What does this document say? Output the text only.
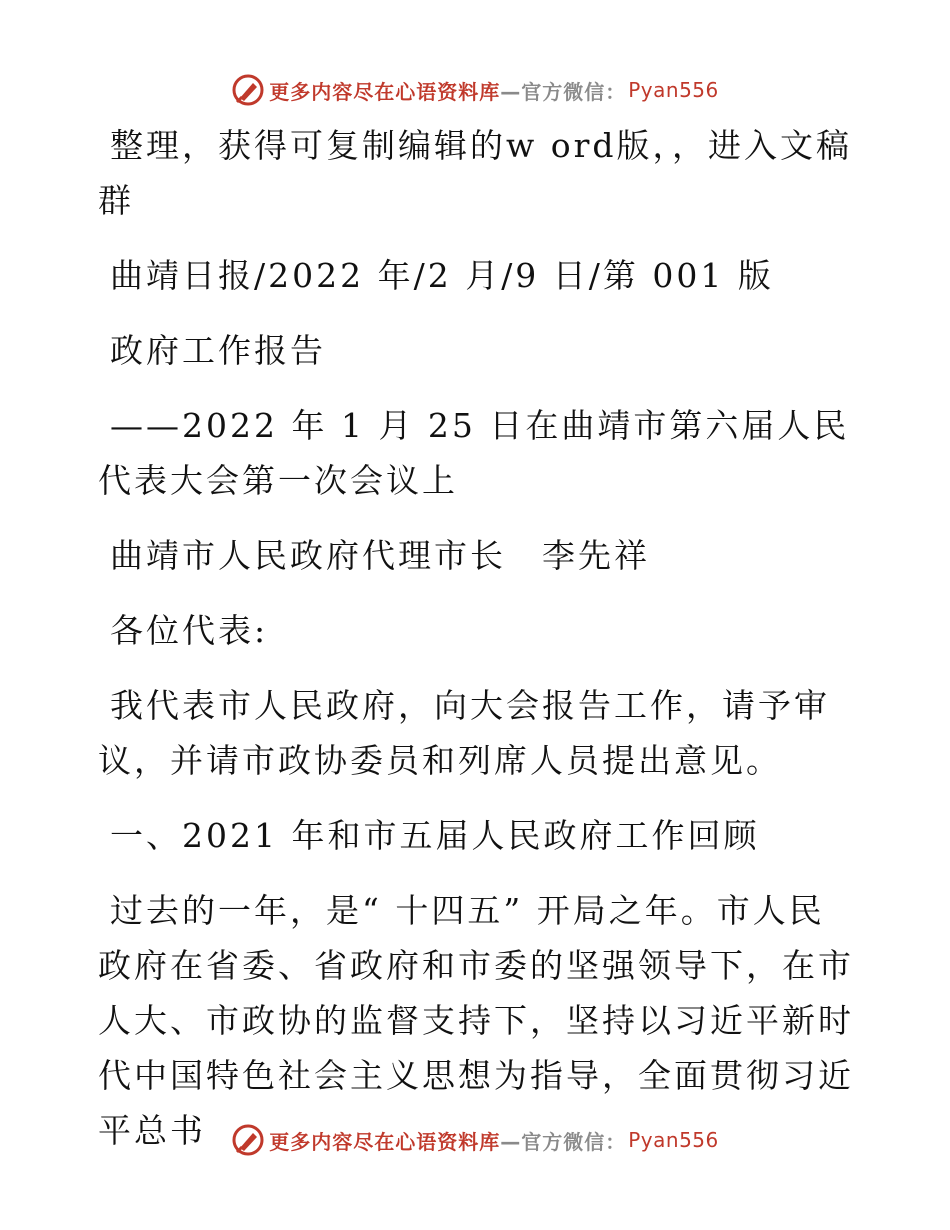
更多内容尽在心语资料库 —官方微信： Pyan556

整理，获得可复制编辑的w ord版，，进入文稿群

曲靖日报/2022 年/2 月/9 日/第 001 版

政府工作报告

——2022 年 1 月 25 日在曲靖市第六届人民代表大会第一次会议上

曲靖市人民政府代理市长　李先祥

各位代表:

我代表市人民政府，向大会报告工作，请予审议，并请市政协委员和列席人员提出意见。

一、2021 年和市五届人民政府工作回顾

过去的一年，是“ 十四五” 开局之年。市人民政府在省委、省政府和市委的坚强领导下，在市人大、市政协的监督支持下，坚持以习近平新时代中国特色社会主义思想为指导，全面贯彻习近平总书	更多内容尽在心语资料库 —官方微信： Pyan556
